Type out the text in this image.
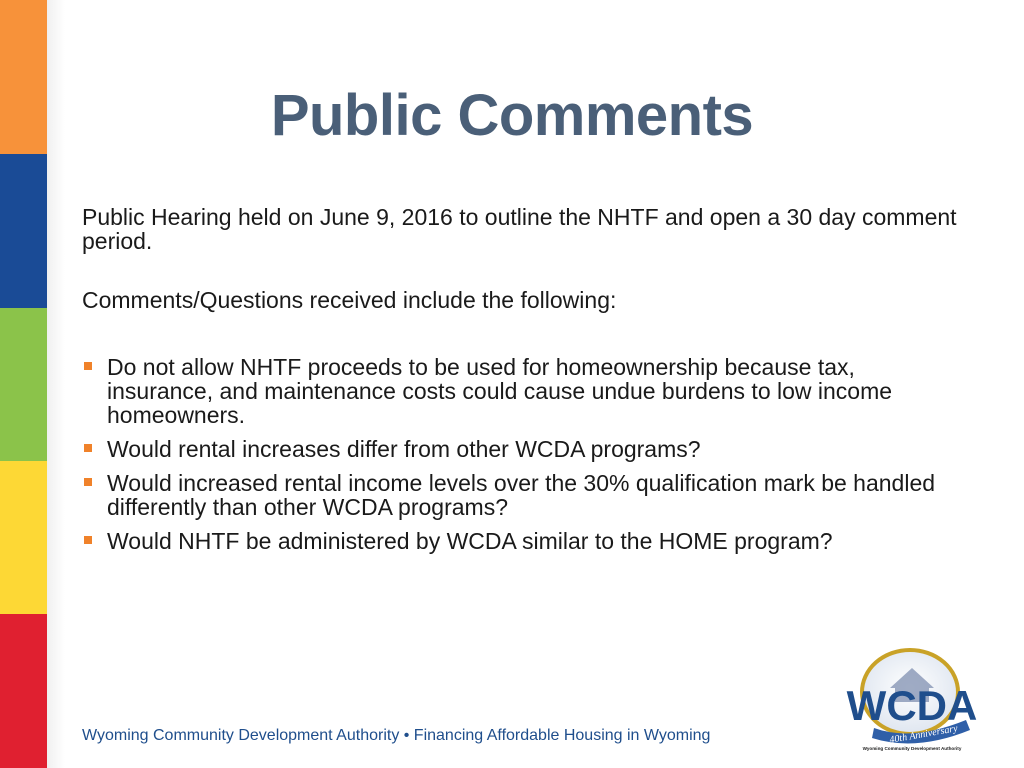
Public Comments
Public Hearing held on June 9, 2016 to outline the NHTF and open a 30 day comment period.
Comments/Questions received include the following:
Do not allow NHTF proceeds to be used for homeownership because tax, insurance, and maintenance costs could cause undue burdens to low income homeowners.
Would rental increases differ from other WCDA programs?
Would increased rental income levels over the 30% qualification mark be handled differently than other WCDA programs?
Would NHTF be administered by WCDA similar to the HOME program?
Wyoming Community Development Authority • Financing Affordable Housing in Wyoming
WCDA
40th Anniversary
Wyoming Community Development Authority
